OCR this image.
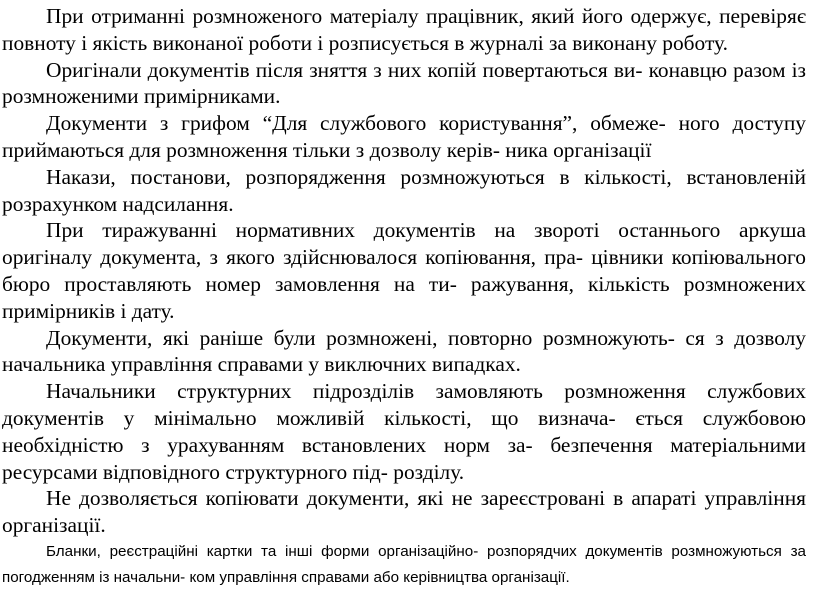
При отриманні розмноженого матеріалу працівник, який його одержує, перевіряє повноту і якість виконаної роботи і розписується в журналі за виконану роботу.

Оригінали документів після зняття з них копій повертаються ви- конавцю разом із розмноженими примірниками.

Документи з грифом “Для службового користування”, обмеже- ного доступу приймаються для розмноження тільки з дозволу керів- ника організації

Накази, постанови, розпорядження розмножуються в кількості, встановленій розрахунком надсилання.

При тиражуванні нормативних документів на звороті останнього аркуша оригіналу документа, з якого здійснювалося копіювання, пра- цівники копіювального бюро проставляють номер замовлення на ти- ражування, кількість розмножених примірників і дату.

Документи, які раніше були розмножені, повторно розмножують- ся з дозволу начальника управління справами у виключних випадках.

Начальники структурних підрозділів замовляють розмноження службових документів у мінімально можливій кількості, що визнача- ється службовою необхідністю з урахуванням встановлених норм за- безпечення матеріальними ресурсами відповідного структурного під- розділу.

Не дозволяється копіювати документи, які не зареєстровані в апараті управління організації.

Бланки, реєстраційні картки та інші форми організаційно- розпорядчих документів розмножуються за погодженням із начальни- ком управління справами або керівництва організації.
